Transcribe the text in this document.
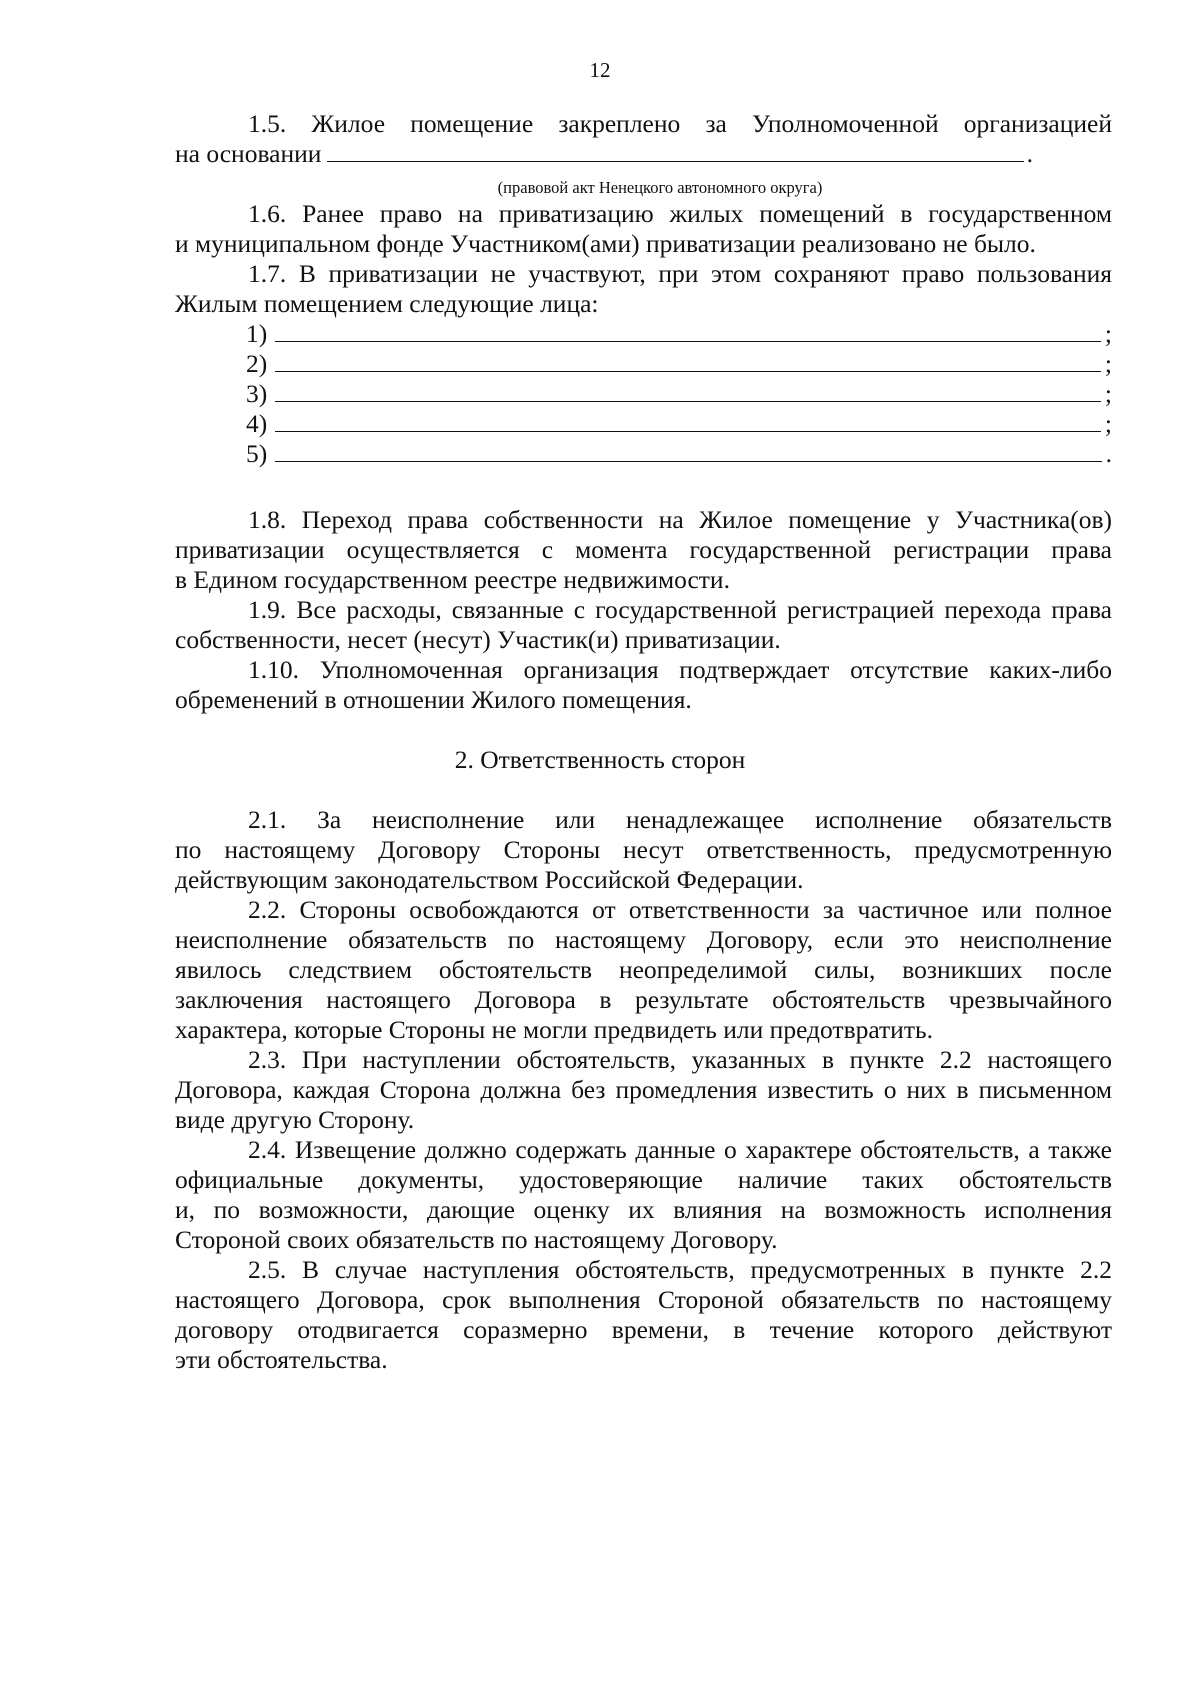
12
1.5. Жилое помещение закреплено за Уполномоченной организацией
на основании	.
(правовой акт Ненецкого автономного округа)
1.6. Ранее право на приватизацию жилых помещений в государственном
и муниципальном фонде Участником(ами) приватизации реализовано не было.
1.7. В приватизации не участвуют, при этом сохраняют право пользования
Жилым помещением следующие лица:
1)	;
2)	;
3)	;
4)	;
5)	.
1.8. Переход права собственности на Жилое помещение у Участника(ов)
приватизации осуществляется с момента государственной регистрации права
в Едином государственном реестре недвижимости.
1.9. Все расходы, связанные с государственной регистрацией перехода права
собственности, несет (несут) Участик(и) приватизации.
1.10. Уполномоченная организация подтверждает отсутствие каких-либо
обременений в отношении Жилого помещения.
2. Ответственность сторон
2.1. За неисполнение или ненадлежащее исполнение обязательств
по настоящему Договору Стороны несут ответственность, предусмотренную
действующим законодательством Российской Федерации.
2.2. Стороны освобождаются от ответственности за частичное или полное
неисполнение обязательств по настоящему Договору, если это неисполнение
явилось следствием обстоятельств неопределимой силы, возникших после
заключения настоящего Договора в результате обстоятельств чрезвычайного
характера, которые Стороны не могли предвидеть или предотвратить.
2.3. При наступлении обстоятельств, указанных в пункте 2.2 настоящего
Договора, каждая Сторона должна без промедления известить о них в письменном
виде другую Сторону.
2.4. Извещение должно содержать данные о характере обстоятельств, а также
официальные документы, удостоверяющие наличие таких обстоятельств
и, по возможности, дающие оценку их влияния на возможность исполнения
Стороной своих обязательств по настоящему Договору.
2.5. В случае наступления обстоятельств, предусмотренных в пункте 2.2
настоящего Договора, срок выполнения Стороной обязательств по настоящему
договору отодвигается соразмерно времени, в течение которого действуют
эти обстоятельства.
